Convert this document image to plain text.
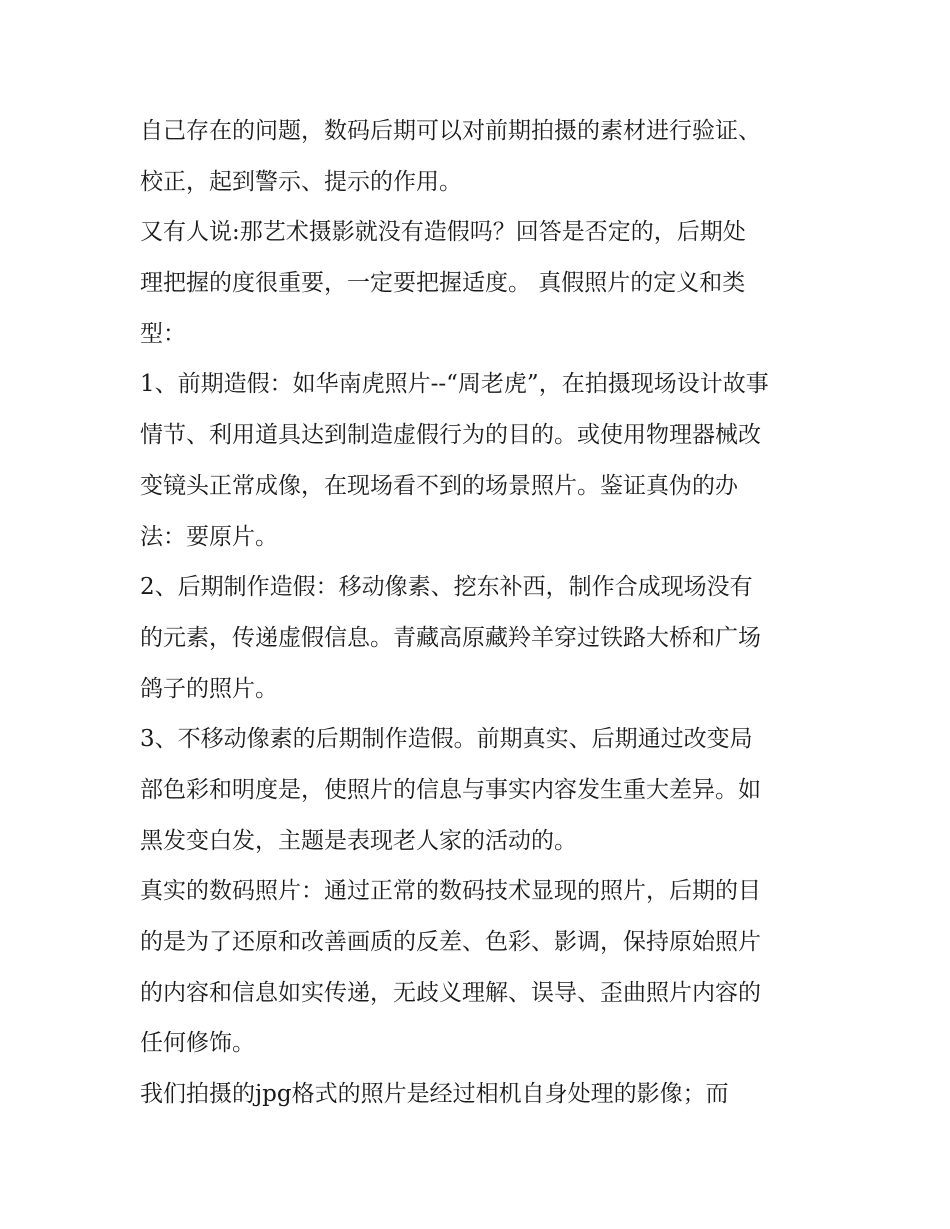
自己存在的问题，数码后期可以对前期拍摄的素材进行验证、
校正，起到警示、提示的作用。
又有人说:那艺术摄影就没有造假吗？回答是否定的，后期处
理把握的度很重要，一定要把握适度。 真假照片的定义和类
型：
1、前期造假：如华南虎照片--“周老虎”，在拍摄现场设计故事
情节、利用道具达到制造虚假行为的目的。或使用物理器械改
变镜头正常成像，在现场看不到的场景照片。鉴证真伪的办
法：要原片。
2、后期制作造假：移动像素、挖东补西，制作合成现场没有
的元素，传递虚假信息。青藏高原藏羚羊穿过铁路大桥和广场
鸽子的照片。
3、不移动像素的后期制作造假。前期真实、后期通过改变局
部色彩和明度是，使照片的信息与事实内容发生重大差异。如
黑发变白发，主题是表现老人家的活动的。
真实的数码照片：通过正常的数码技术显现的照片，后期的目
的是为了还原和改善画质的反差、色彩、影调，保持原始照片
的内容和信息如实传递，无歧义理解、误导、歪曲照片内容的
任何修饰。
我们拍摄的jpg格式的照片是经过相机自身处理的影像；而
